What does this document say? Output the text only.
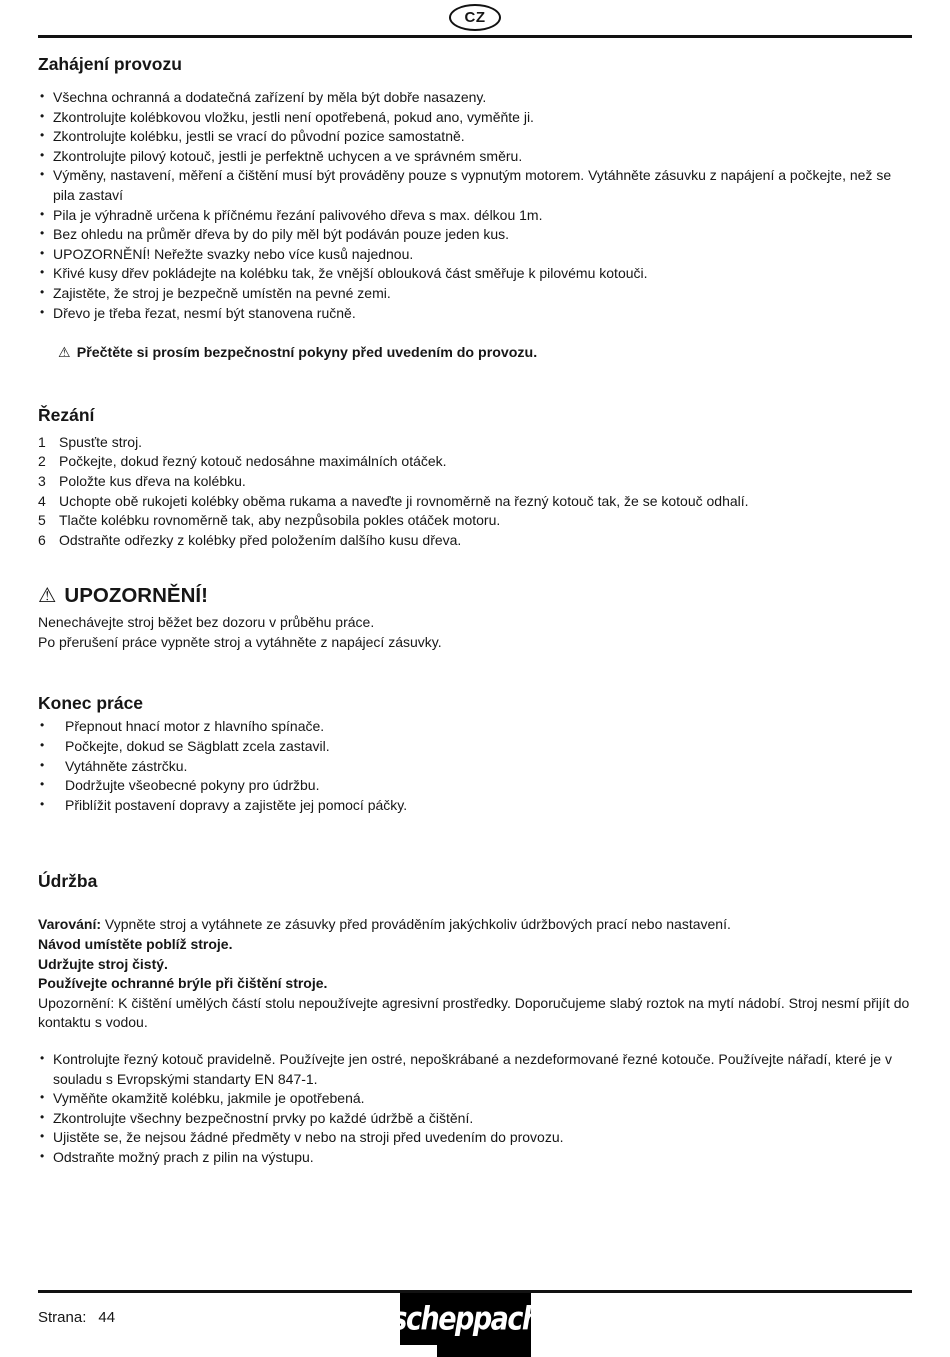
CZ
Zahájení provozu
• Všechna ochranná a dodatečná zařízení by měla být dobře nasazeny.
• Zkontrolujte kolébkovou vložku, jestli není opotřebená, pokud ano, vyměňte ji.
• Zkontrolujte kolébku, jestli se vrací do původní pozice samostatně.
• Zkontrolujte pilový kotouč, jestli je perfektně uchycen a ve správném směru.
• Výměny, nastavení, měření a čištění musí být prováděny pouze s vypnutým motorem. Vytáhněte zásuvku z napájení a počkejte, než se pila zastaví
• Pila je výhradně určena k příčnému řezání palivového dřeva s max. délkou 1m.
• Bez ohledu na průměr dřeva by do pily měl být podáván pouze jeden kus.
• UPOZORNĚNÍ! Neřežte svazky nebo více kusů najednou.
• Křivé kusy dřev pokládejte na kolébku tak, že vnější oblouková část směřuje k pilovému kotouči.
• Zajistěte, že stroj je bezpečně umístěn na pevné zemi.
• Dřevo je třeba řezat, nesmí být stanovena ručně.

⚠ Přečtěte si prosím bezpečnostní pokyny před uvedením do provozu.

Řezání
1 Spusťte stroj.
2 Počkejte, dokud řezný kotouč nedosáhne maximálních otáček.
3 Položte kus dřeva na kolébku.
4 Uchopte obě rukojeti kolébky oběma rukama a naveďte ji rovnoměrně na řezný kotouč tak, že se kotouč odhalí.
5 Tlačte kolébku rovnoměrně tak, aby nezpůsobila pokles otáček motoru.
6 Odstraňte odřezky z kolébky před položením dalšího kusu dřeva.
⚠ UPOZORNĚNÍ!

Nenechávejte stroj běžet bez dozoru v průběhu práce.

Po přerušení práce vypněte stroj a vytáhněte z napájecí zásuvky.

Konec práce
• Přepnout hnací motor z hlavního spínače.
• Počkejte, dokud se Sägblatt zcela zastavil.
• Vytáhněte zástrčku.
• Dodržujte všeobecné pokyny pro údržbu.
• Přiblížit postavení dopravy a zajistěte jej pomocí páčky.
Údržba

Varování: Vypněte stroj a vytáhnete ze zásuvky před prováděním jakýchkoliv údržbových prací nebo nastavení.

Návod umístěte poblíž stroje.

Udržujte stroj čistý.

Používejte ochranné brýle při čištění stroje.

Upozornění: K čištění umělých částí stolu nepoužívejte agresivní prostředky. Doporučujeme slabý roztok na mytí nádobí. Stroj nesmí přijít do kontaktu s vodou.

• Kontrolujte řezný kotouč pravidelně. Používejte jen ostré, nepoškrábané a nezdeformované řezné kotouče. Používejte nářadí, které je v souladu s Evropskými standarty EN 847-1.
• Vyměňte okamžitě kolébku, jakmile je opotřebená.
• Zkontrolujte všechny bezpečnostní prvky po každé údržbě a čištění.
• Ujistěte se, že nejsou žádné předměty v nebo na stroji před uvedením do provozu.
• Odstraňte možný prach z pilin na výstupu.

Strana: 44	scheppach
